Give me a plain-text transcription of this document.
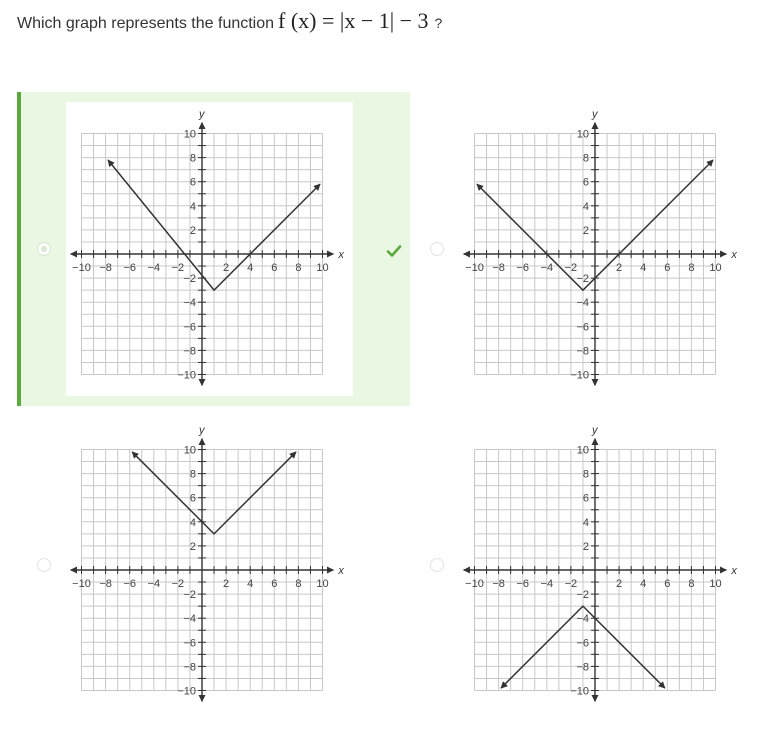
Which graph represents the function f (x) = |x − 1| − 3 ?
x
y
−10 −8 −6 −4 −2	2 4 6 8 10
10
8
6
4
2
−2
−4
−6
−8
−10
x
y
−10 −8 −6 −4 −2	2 4 6 8 10
10
8
6
4
2
−2
−4
−6
−8
−10
x
y
−10 −8 −6 −4 −2	2 4 6 8 10
10
8
6
4
2
−2
−4
−6
−8
−10
x
y
−10 −8 −6 −4 −2	2 4 6 8 10
10
8
6
4
2
−2
−4
−6
−8
−10
